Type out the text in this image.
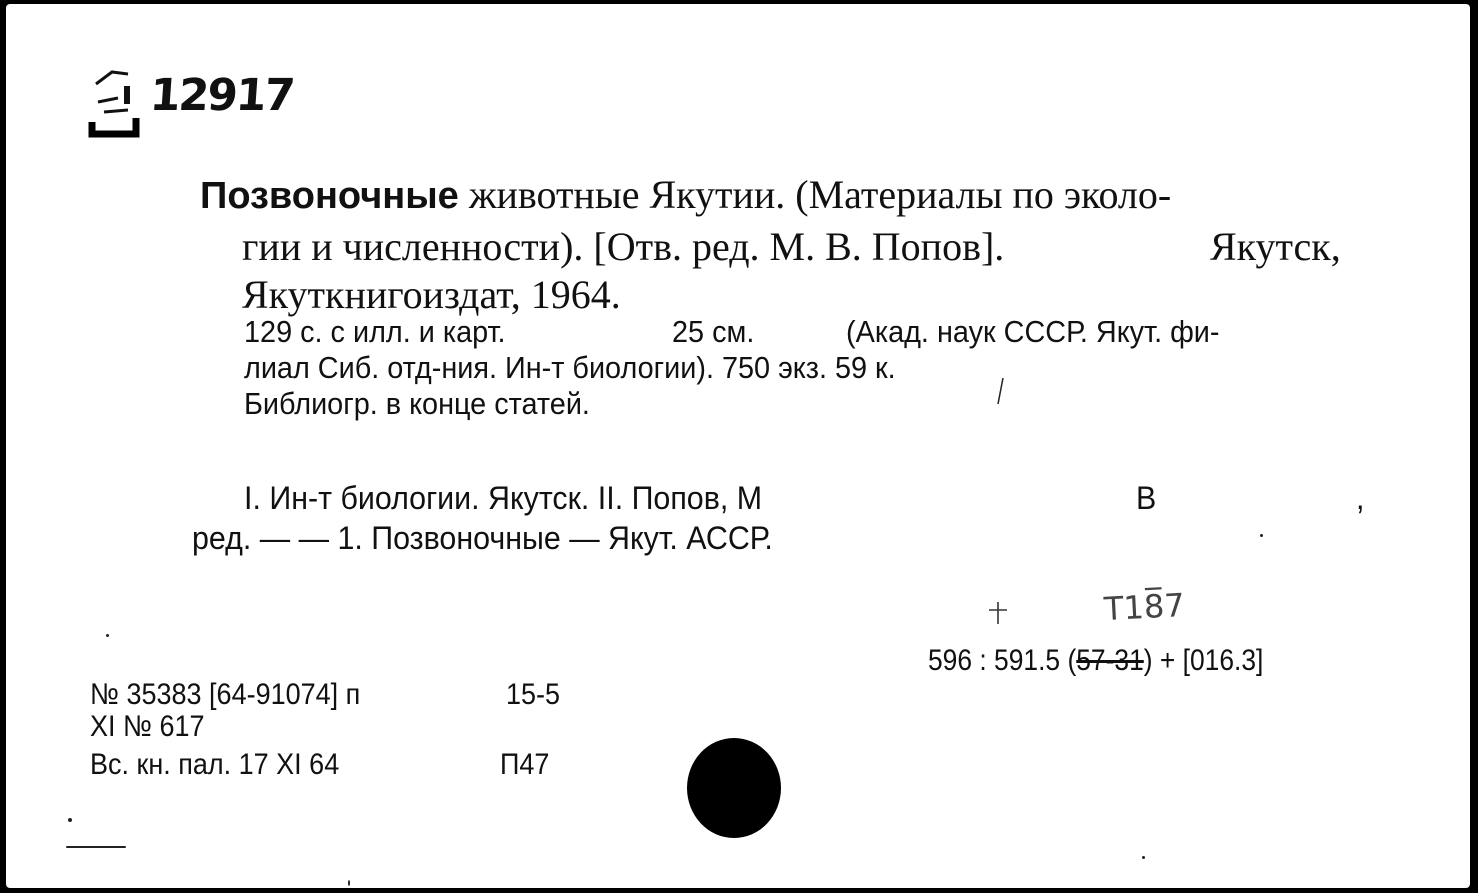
12917
Позвоночные животные Якутии. (Материалы по эколо-
гии и численности). [Отв. ред. М. В. Попов].	Якутск,
Якуткнигоиздат, 1964.
129 с. с илл. и карт.	25 см.	(Акад. наук СССР. Якут. фи-
лиал Сиб. отд-ния. Ин-т биологии). 750 экз. 59 к.
Библиогр. в конце статей.
I. Ин-т биологии. Якутск. II. Попов, М	В	,
ред. — — 1. Позвоночные — Якут. АССР.
Т18̅7
596 : 591.5 (57-31) + [016.3]
№ 35383 [64-91074] п	15-5
XI № 617
Вс. кн. пал. 17 XI 64	П47
